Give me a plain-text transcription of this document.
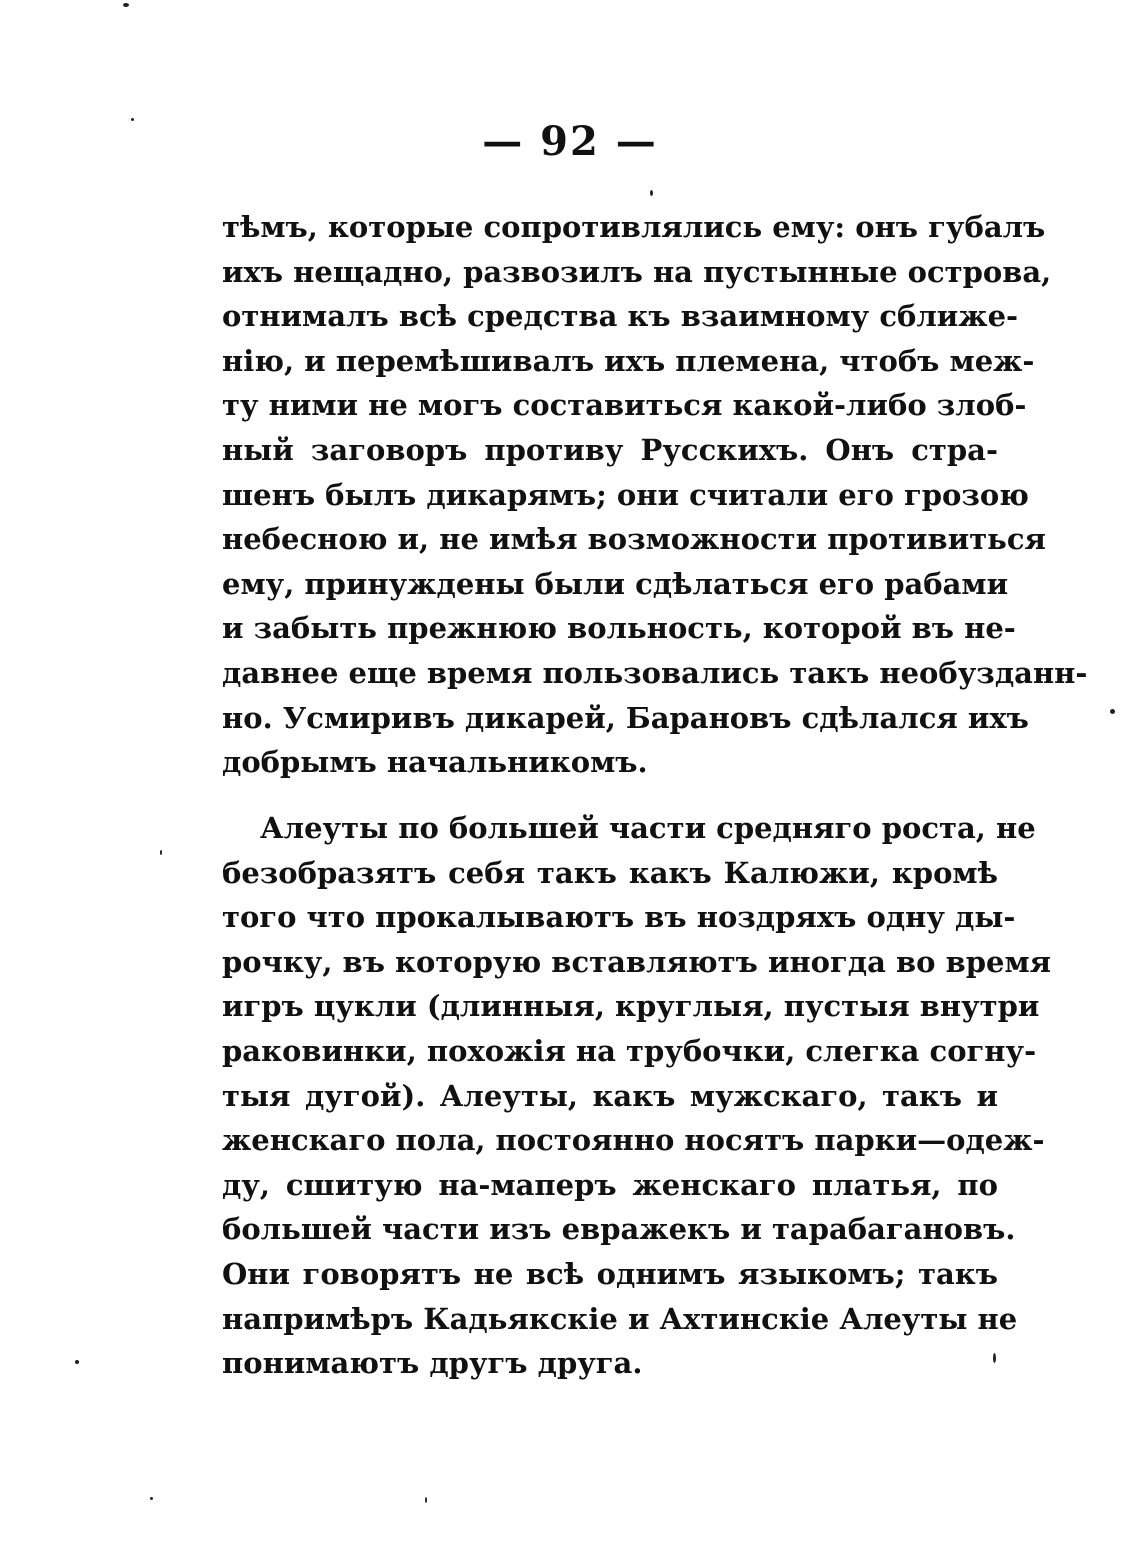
— 92 —
тѣмъ, которые сопротивлялись ему: онъ губалъ
ихъ нещадно, развозилъ на пустынные острова,
отнималъ всѣ средства къ взаимному сближе-
нiю, и перемѣшивалъ ихъ племена, чтобъ меж-
ту ними не могъ составиться какой-либо злоб-
ный заговоръ противу Русскихъ. Онъ стра-
шенъ былъ дикарямъ; они считали его грозою
небесною и, не имѣя возможности противиться
ему, принуждены были сдѣлаться его рабами
и забыть прежнюю вольность, которой въ не-
давнее еще время пользовались такъ необузданн-
но. Усмиривъ дикарей, Барановъ сдѣлался ихъ
добрымъ начальникомъ.
Алеуты по большей части средняго роста, не
безобразятъ себя такъ какъ Калюжи, кромѣ
того что прокалываютъ въ ноздряхъ одну ды-
рочку, въ которую вставляютъ иногда во время
игръ цукли (длинныя, круглыя, пустыя внутри
раковинки, похожiя на трубочки, слегка согну-
тыя дугой). Алеуты, какъ мужскаго, такъ и
женскаго пола, постоянно носятъ парки—одеж-
ду, сшитую на-маперъ женскаго платья, по
большей части изъ евражекъ и тарабагановъ.
Они говорятъ не всѣ однимъ языкомъ; такъ
напримѣръ Кадьякскiе и Ахтинскiе Алеуты не
понимаютъ другъ друга.
